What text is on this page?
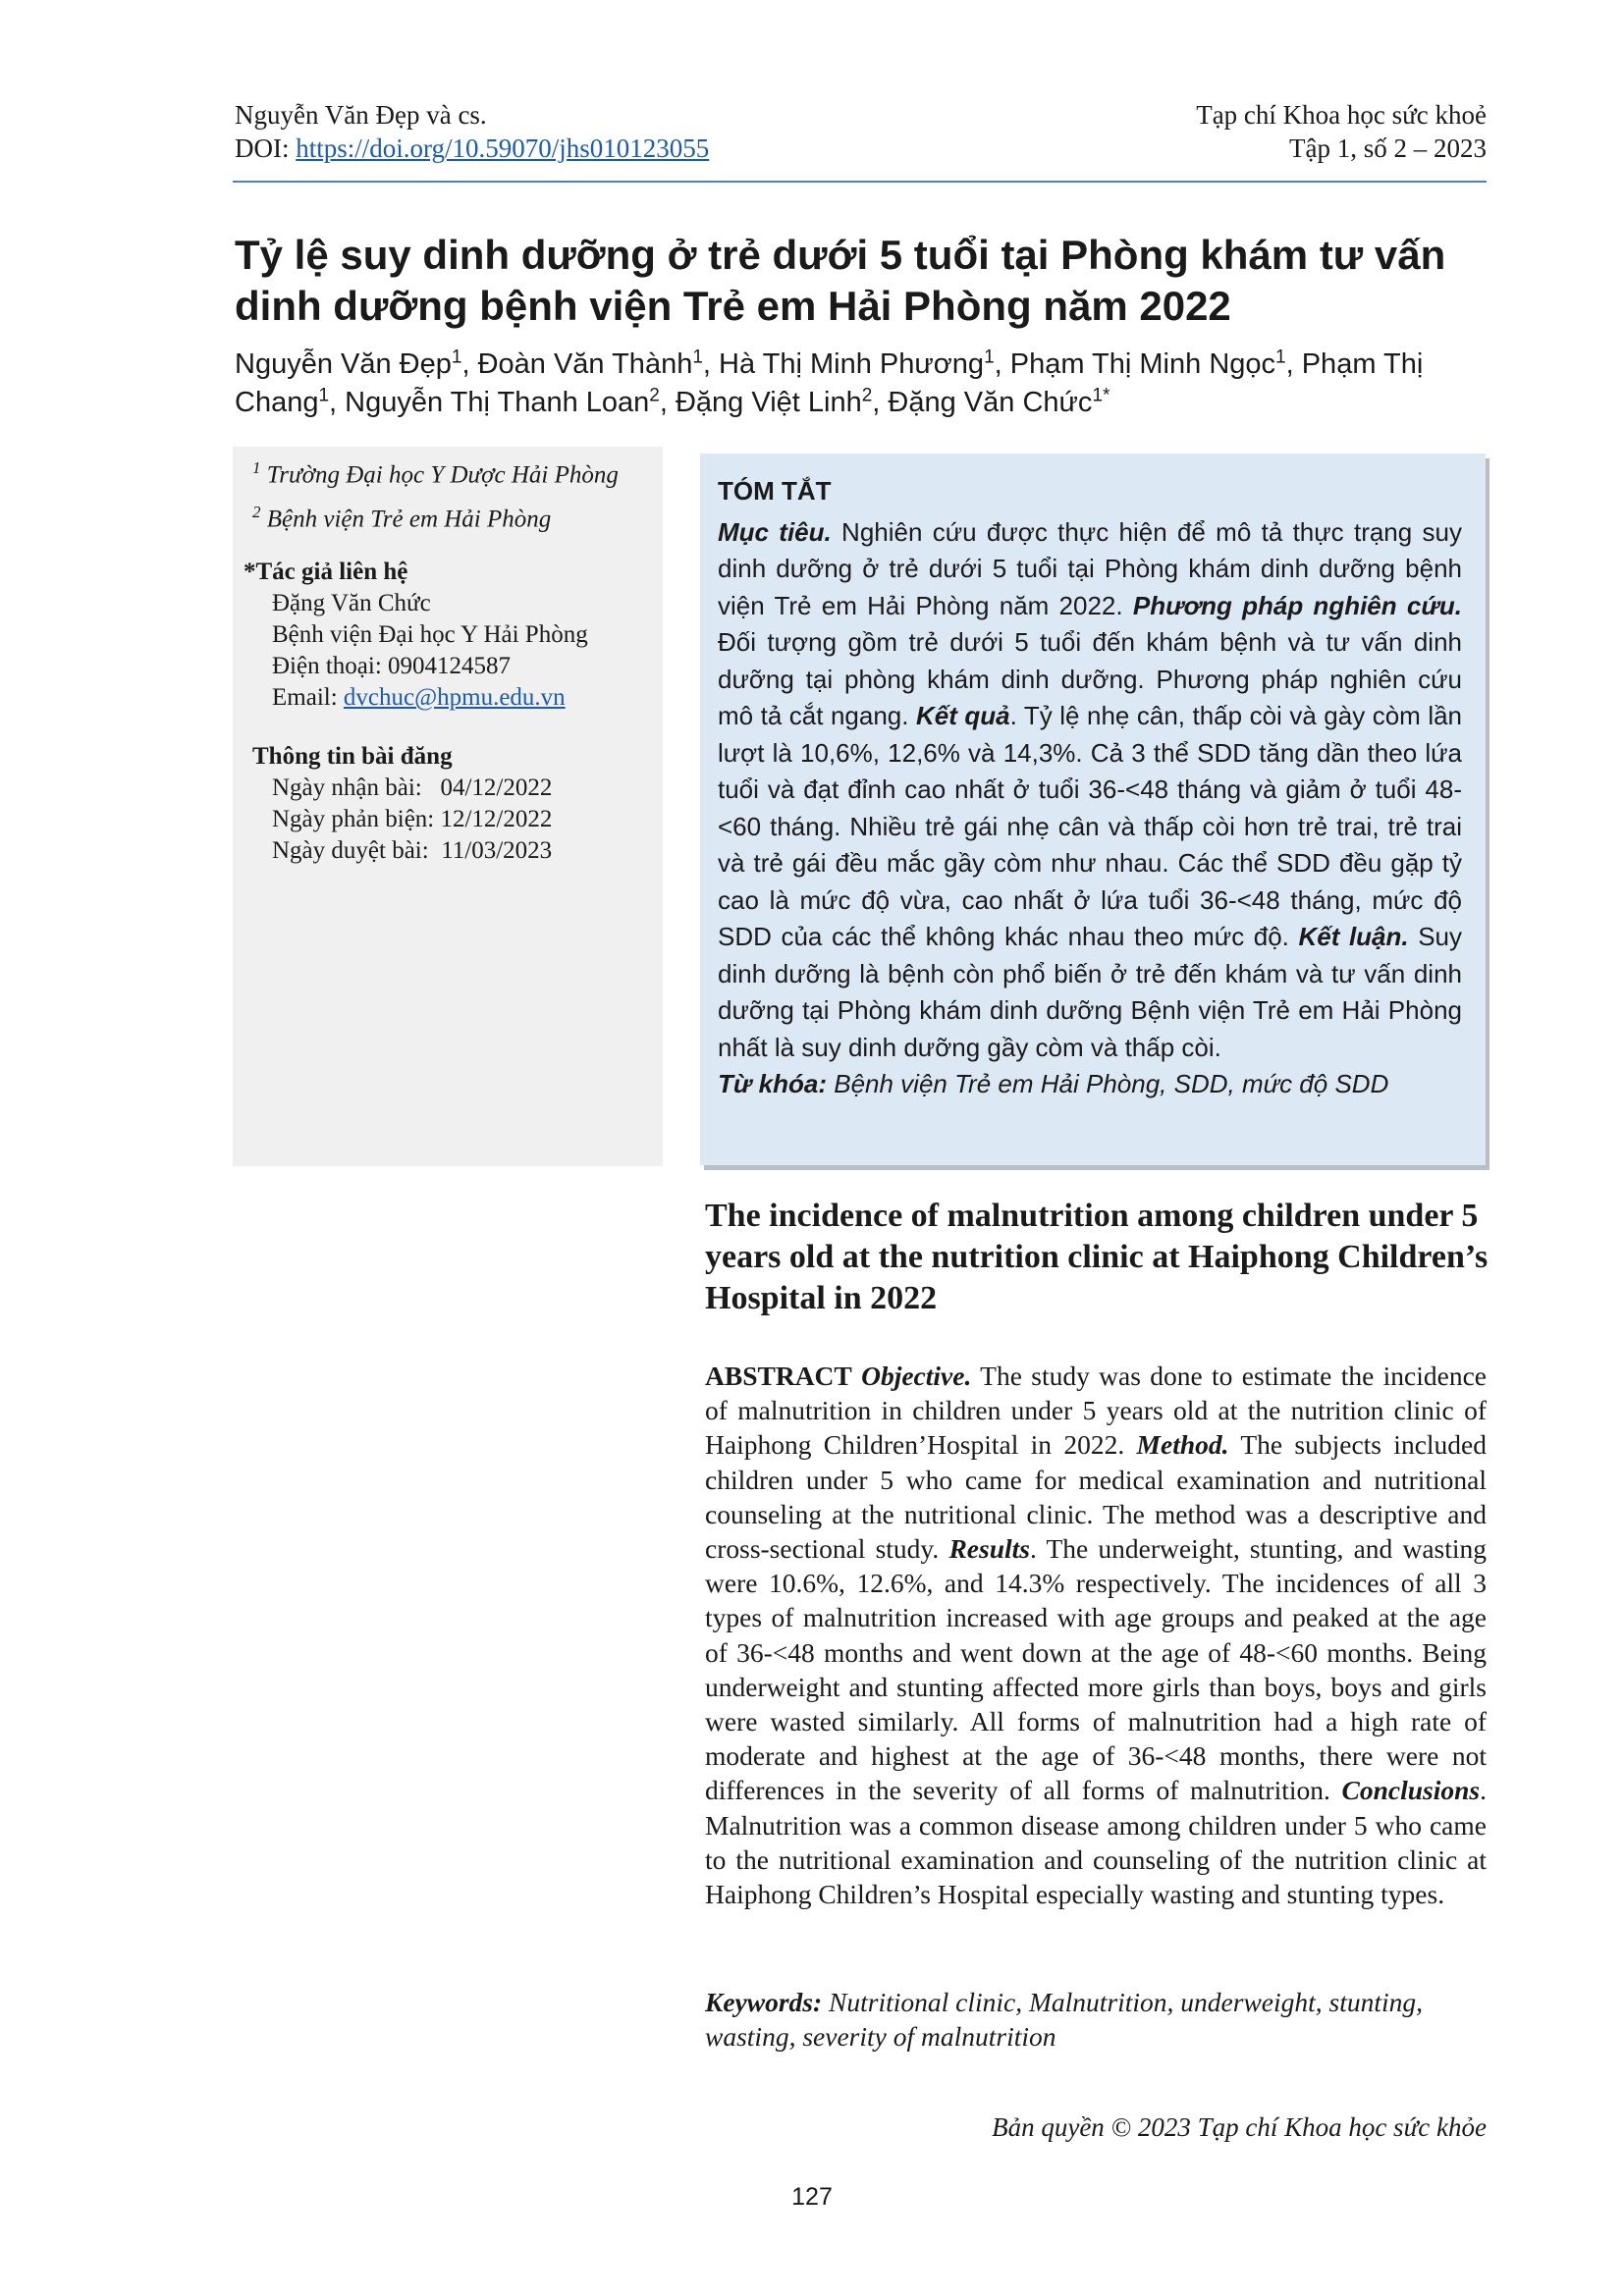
Nguyễn Văn Đẹp và cs.
DOI: https://doi.org/10.59070/jhs010123055
Tạp chí Khoa học sức khoẻ
Tập 1, số 2 – 2023
Tỷ lệ suy dinh dưỡng ở trẻ dưới 5 tuổi tại Phòng khám tư vấn dinh dưỡng bệnh viện Trẻ em Hải Phòng năm 2022
Nguyễn Văn Đẹp$^1$, Đoàn Văn Thành$^1$, Hà Thị Minh Phương$^1$, Phạm Thị Minh Ngọc$^1$, Phạm Thị Chang$^1$, Nguyễn Thị Thanh Loan$^2$, Đặng Việt Linh$^2$, Đặng Văn Chức$^{1*}$
$^1$ Trường Đại học Y Dược Hải Phòng
$^2$ Bệnh viện Trẻ em Hải Phòng
*Tác giả liên hệ
Đặng Văn Chức
Bệnh viện Đại học Y Hải Phòng
Điện thoại: 0904124587
Email: dvchuc@hpmu.edu.vn
Thông tin bài đăng
Ngày nhận bài: 04/12/2022
Ngày phản biện: 12/12/2022
Ngày duyệt bài: 11/03/2023
TÓM TẮT
Mục tiêu. Nghiên cứu được thực hiện để mô tả thực trạng suy dinh dưỡng ở trẻ dưới 5 tuổi tại Phòng khám dinh dưỡng bệnh viện Trẻ em Hải Phòng năm 2022. Phương pháp nghiên cứu. Đối tượng gồm trẻ dưới 5 tuổi đến khám bệnh và tư vấn dinh dưỡng tại phòng khám dinh dưỡng. Phương pháp nghiên cứu mô tả cắt ngang. Kết quả. Tỷ lệ nhẹ cân, thấp còi và gày còm lần lượt là 10,6%, 12,6% và 14,3%. Cả 3 thể SDD tăng dần theo lứa tuổi và đạt đỉnh cao nhất ở tuổi 36-<48 tháng và giảm ở tuổi 48-<60 tháng. Nhiều trẻ gái nhẹ cân và thấp còi hơn trẻ trai, trẻ trai và trẻ gái đều mắc gầy còm như nhau. Các thể SDD đều gặp tỷ cao là mức độ vừa, cao nhất ở lứa tuổi 36-<48 tháng, mức độ SDD của các thể không khác nhau theo mức độ. Kết luận. Suy dinh dưỡng là bệnh còn phổ biến ở trẻ đến khám và tư vấn dinh dưỡng tại Phòng khám dinh dưỡng Bệnh viện Trẻ em Hải Phòng nhất là suy dinh dưỡng gầy còm và thấp còi.
Từ khóa: Bệnh viện Trẻ em Hải Phòng, SDD, mức độ SDD
The incidence of malnutrition among children under 5 years old at the nutrition clinic at Haiphong Children’s Hospital in 2022
ABSTRACT Objective. The study was done to estimate the incidence of malnutrition in children under 5 years old at the nutrition clinic of Haiphong Children’Hospital in 2022. Method. The subjects included children under 5 who came for medical examination and nutritional counseling at the nutritional clinic. The method was a descriptive and cross-sectional study. Results. The underweight, stunting, and wasting were 10.6%, 12.6%, and 14.3% respectively. The incidences of all 3 types of malnutrition increased with age groups and peaked at the age of 36-<48 months and went down at the age of 48-<60 months. Being underweight and stunting affected more girls than boys, boys and girls were wasted similarly. All forms of malnutrition had a high rate of moderate and highest at the age of 36-<48 months, there were not differences in the severity of all forms of malnutrition. Conclusions. Malnutrition was a common disease among children under 5 who came to the nutritional examination and counseling of the nutrition clinic at Haiphong Children’s Hospital especially wasting and stunting types.
Keywords: Nutritional clinic, Malnutrition, underweight, stunting, wasting, severity of malnutrition
Bản quyền © 2023 Tạp chí Khoa học sức khỏe
127
